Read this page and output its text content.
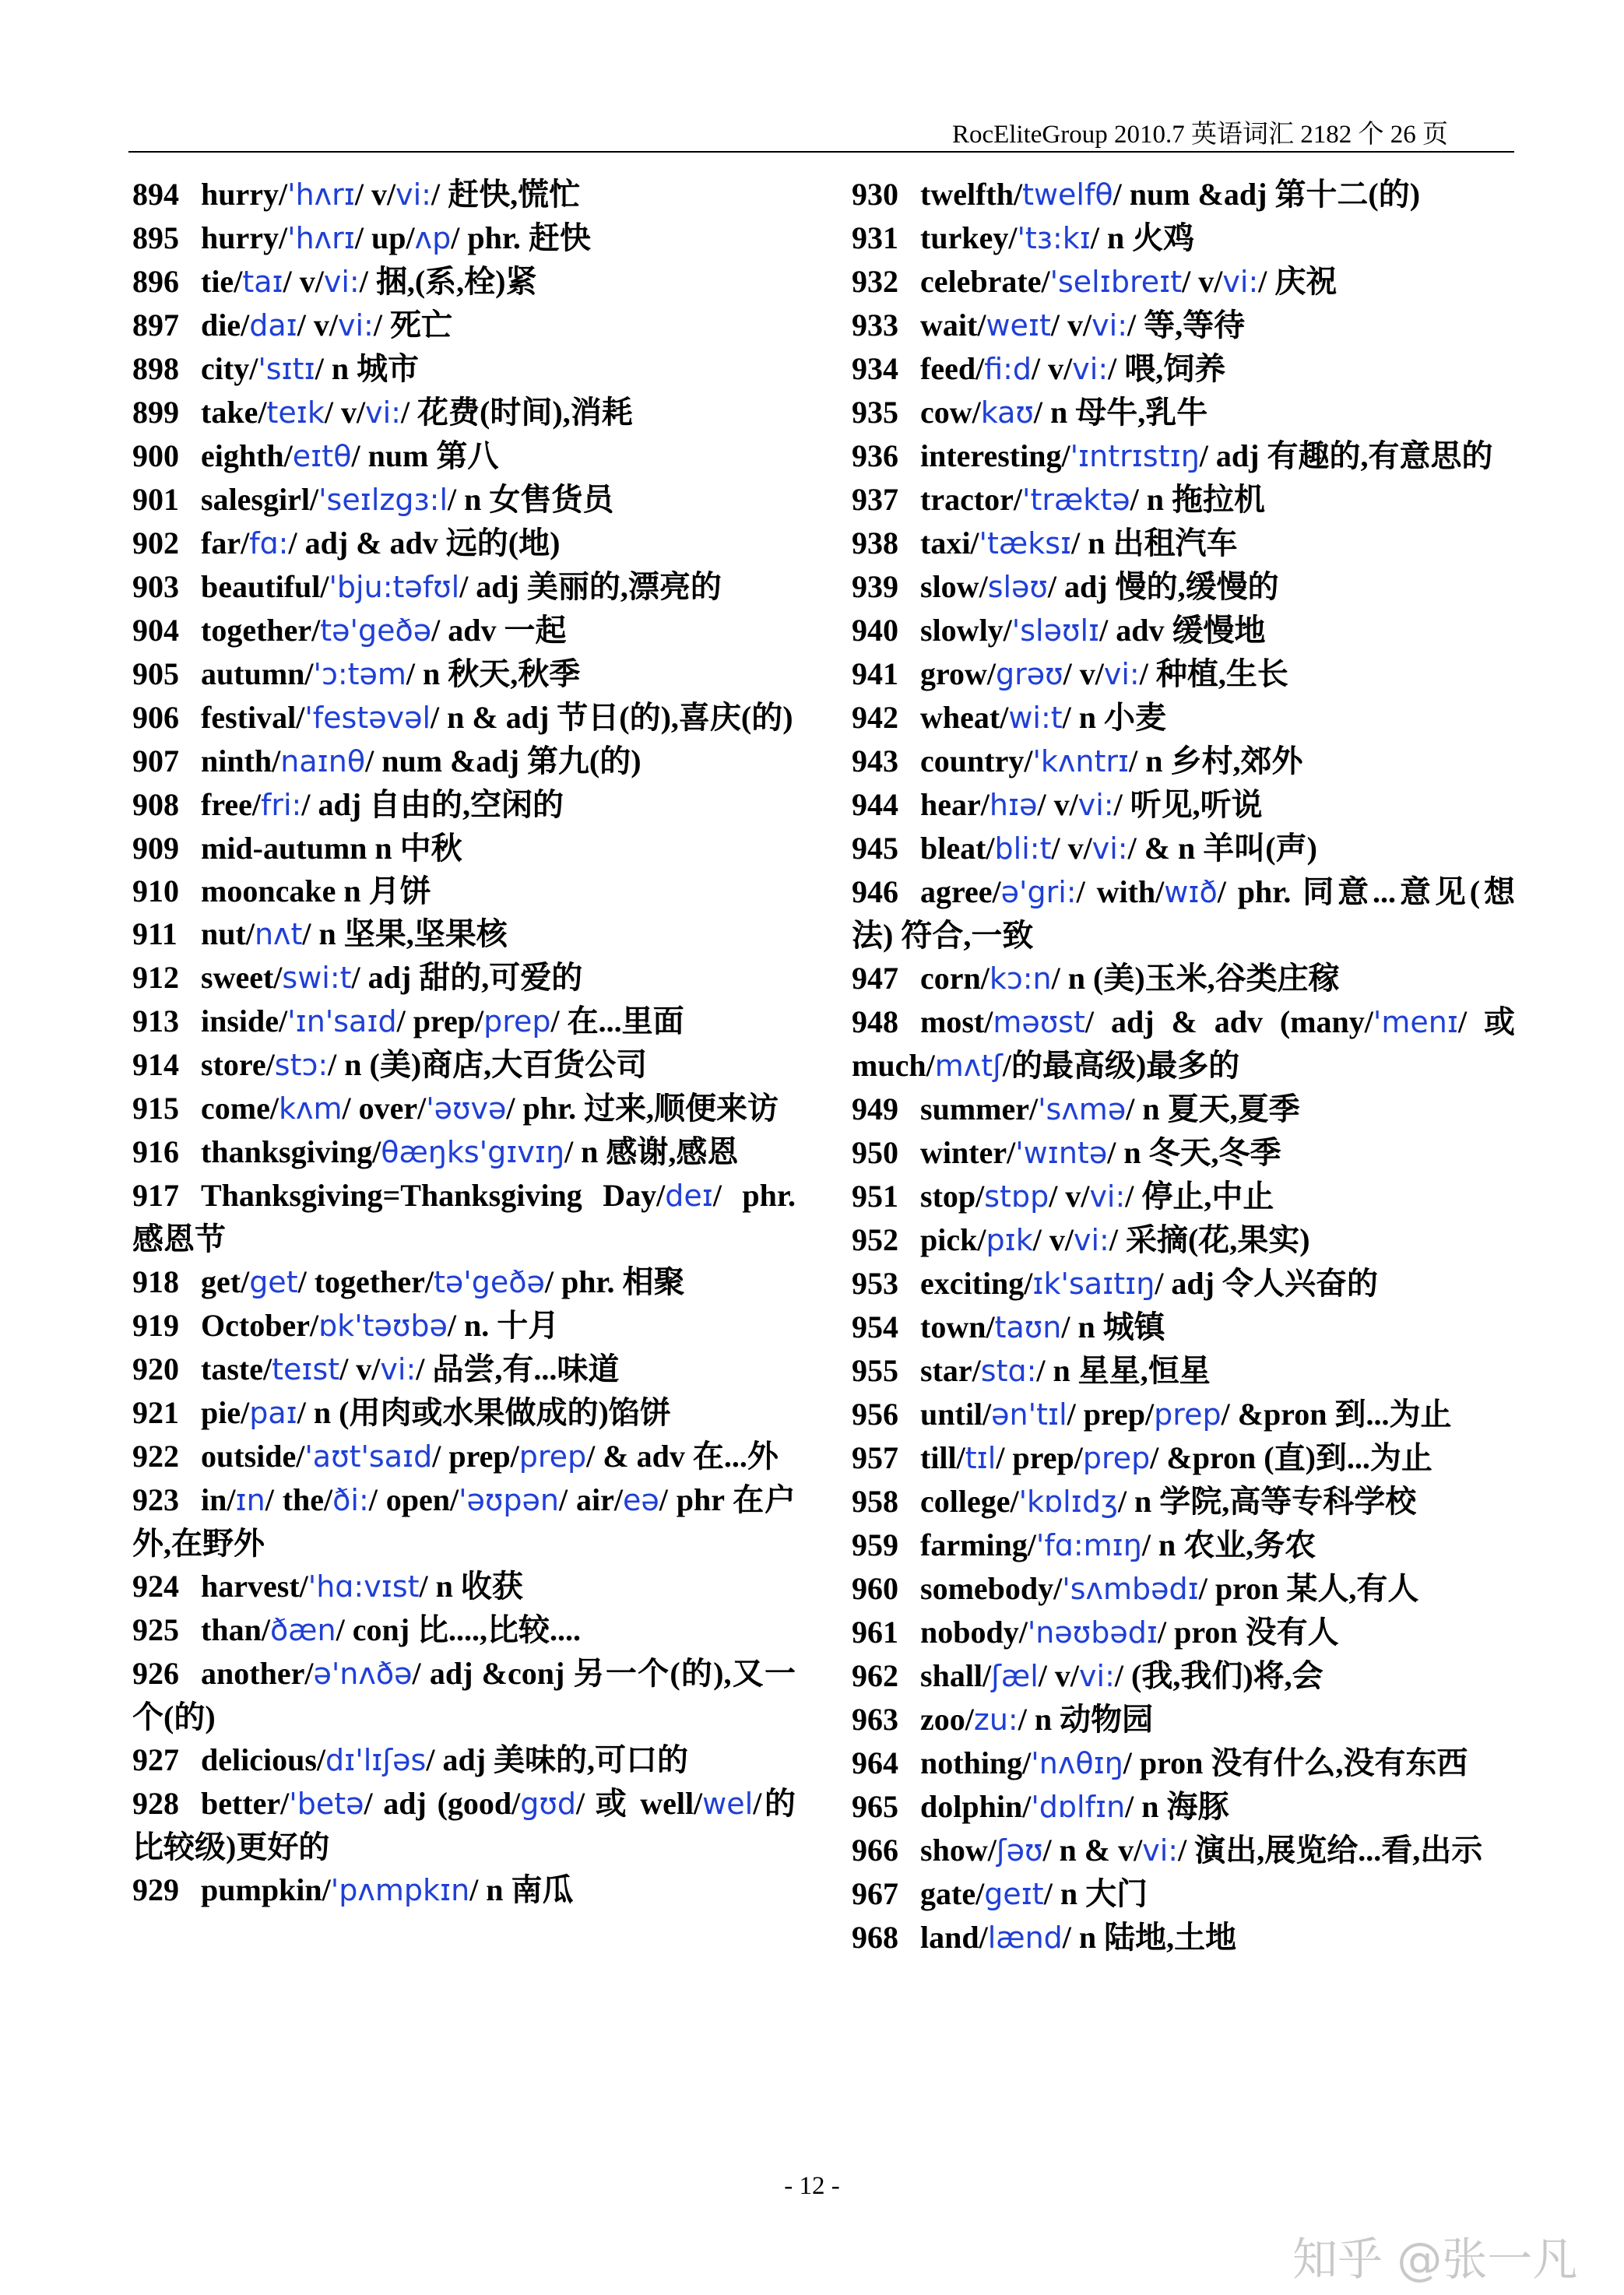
RocEliteGroup 2010.7 英语词汇 2182 个 26 页

894 hurry/'hʌrɪ/ v/vi:/ 赶快,慌忙

895 hurry/'hʌrɪ/ up/ʌp/ phr. 赶快

896 tie/taɪ/ v/vi:/ 捆,(系,栓)紧

897 die/daɪ/ v/vi:/ 死亡

898 city/'sɪtɪ/ n 城市

899 take/teɪk/ v/vi:/ 花费(时间),消耗

900 eighth/eɪtθ/ num 第八

901 salesgirl/'seɪlzgɜ:l/ n 女售货员

902 far/fɑ:/ adj & adv 远的(地)

903 beautiful/'bju:təfʊl/ adj 美丽的,漂亮的

904 together/tə'geðə/ adv 一起

905 autumn/'ɔ:təm/ n 秋天,秋季

906 festival/'festəvəl/ n & adj 节日(的),喜庆(的)

907 ninth/naɪnθ/ num &adj 第九(的)

908 free/fri:/ adj 自由的,空闲的

909 mid-autumn n 中秋

910 mooncake n 月饼

911 nut/nʌt/ n 坚果,坚果核

912 sweet/swi:t/ adj 甜的,可爱的

913 inside/'ɪn'saɪd/ prep/prep/ 在...里面

914 store/stɔ:/ n (美)商店,大百货公司

915 come/kʌm/ over/'əʊvə/ phr. 过来,顺便来访

916 thanksgiving/θæŋks'gɪvɪŋ/ n 感谢,感恩

917 Thanksgiving=Thanksgiving Day/deɪ/ phr. 感恩节

918 get/get/ together/tə'geðə/ phr. 相聚

919 October/ɒk'təʊbə/ n. 十月

920 taste/teɪst/ v/vi:/ 品尝,有...味道

921 pie/paɪ/ n (用肉或水果做成的)馅饼

922 outside/'aʊt'saɪd/ prep/prep/ & adv 在...外

923 in/ɪn/ the/ði:/ open/'əʊpən/ air/eə/ phr 在户外,在野外

924 harvest/'hɑ:vɪst/ n 收获

925 than/ðæn/ conj 比....,比较....

926 another/ə'nʌðə/ adj &conj 另一个(的),又一个(的)

927 delicious/dɪ'lɪʃəs/ adj 美味的,可口的

928 better/'betə/ adj (good/gʊd/ 或 well/wel/的比较级)更好的

929 pumpkin/'pʌmpkɪn/ n 南瓜

930 twelfth/twelfθ/ num &adj 第十二(的)

931 turkey/'tɜ:kɪ/ n 火鸡

932 celebrate/'selɪbreɪt/ v/vi:/ 庆祝

933 wait/weɪt/ v/vi:/ 等,等待

934 feed/fi:d/ v/vi:/ 喂,饲养

935 cow/kaʊ/ n 母牛,乳牛

936 interesting/'ɪntrɪstɪŋ/ adj 有趣的,有意思的

937 tractor/'træktə/ n 拖拉机

938 taxi/'tæksɪ/ n 出租汽车

939 slow/sləʊ/ adj 慢的,缓慢的

940 slowly/'sləʊlɪ/ adv 缓慢地

941 grow/grəʊ/ v/vi:/ 种植,生长

942 wheat/wi:t/ n 小麦

943 country/'kʌntrɪ/ n 乡村,郊外

944 hear/hɪə/ v/vi:/ 听见,听说

945 bleat/bli:t/ v/vi:/ & n 羊叫(声)

946 agree/ə'gri:/ with/wɪð/ phr. 同意...意见(想法) 符合,一致

947 corn/kɔ:n/ n (美)玉米,谷类庄稼

948 most/məʊst/ adj & adv (many/'menɪ/ 或 much/mʌtʃ/的最高级)最多的

949 summer/'sʌmə/ n 夏天,夏季

950 winter/'wɪntə/ n 冬天,冬季

951 stop/stɒp/ v/vi:/ 停止,中止

952 pick/pɪk/ v/vi:/ 采摘(花,果实)

953 exciting/ɪk'saɪtɪŋ/ adj 令人兴奋的

954 town/taʊn/ n 城镇

955 star/stɑ:/ n 星星,恒星

956 until/ən'tɪl/ prep/prep/ &pron 到...为止

957 till/tɪl/ prep/prep/ &pron (直)到...为止

958 college/'kɒlɪdʒ/ n 学院,高等专科学校

959 farming/'fɑ:mɪŋ/ n 农业,务农

960 somebody/'sʌmbədɪ/ pron 某人,有人

961 nobody/'nəʊbədɪ/ pron 没有人

962 shall/ʃæl/ v/vi:/ (我,我们)将,会

963 zoo/zu:/ n 动物园

964 nothing/'nʌθɪŋ/ pron 没有什么,没有东西

965 dolphin/'dɒlfɪn/ n 海豚

966 show/ʃəʊ/ n & v/vi:/ 演出,展览给...看,出示

967 gate/geɪt/ n 大门

968 land/lænd/ n 陆地,土地

- 12 -
知乎 @张一凡
